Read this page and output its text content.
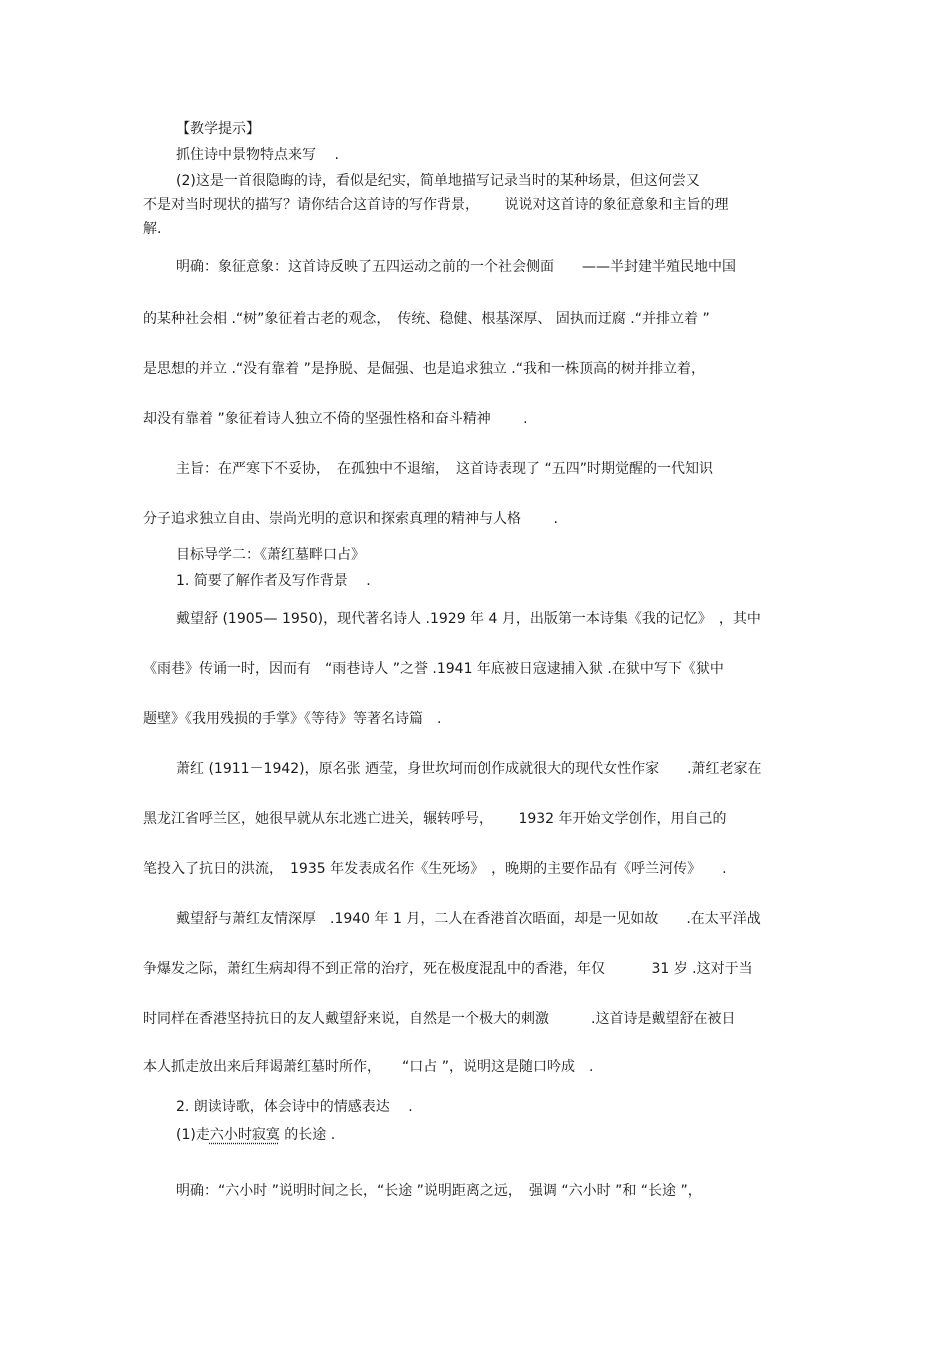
【教学提示】
抓住诗中景物特点来写　 .
(2)这是一首很隐晦的诗，看似是纪实，简单地描写记录当时的某种场景，但这何尝又
不是对当时现状的描写？请你结合这首诗的写作背景，　　 说说对这首诗的象征意象和主旨的理
解.
明确：象征意象：这首诗反映了五四运动之前的一个社会侧面　　——半封建半殖民地中国
的某种社会相 .“树”象征着古老的观念，　传统、稳健、根基深厚、 固执而迂腐 .“并排立着 ”
是思想的并立 .“没有靠着 ”是挣脱、是倔强、也是追求独立 .“我和一株顶高的树并排立着，
却没有靠着 ”象征着诗人独立不倚的坚强性格和奋斗精神　　 .
主旨：在严寒下不妥协，　在孤独中不退缩，　这首诗表现了 “五四”时期觉醒的一代知识
分子追求独立自由、崇尚光明的意识和探索真理的精神与人格　　 .
目标导学二：《萧红墓畔口占》
1. 简要了解作者及写作背景　 .
戴望舒 (1905— 1950)，现代著名诗人 .1929 年 4 月，出版第一本诗集《我的记忆》　，其中
《雨巷》传诵一时，因而有　“雨巷诗人 ”之誉 .1941 年底被日寇逮捕入狱 .在狱中写下《狱中
题壁》《我用残损的手掌》《等待》等著名诗篇　.
萧红 (1911－1942)，原名张 迺莹，身世坎坷而创作成就很大的现代女性作家　　.萧红老家在
黑龙江省呼兰区，她很早就从东北逃亡进关，辗转呼号，　　 1932 年开始文学创作，用自己的
笔投入了抗日的洪流，　1935 年发表成名作《生死场》　，晚期的主要作品有《呼兰河传》　　.
戴望舒与萧红友情深厚　.1940 年 1 月，二人在香港首次晤面，却是一见如故　　.在太平洋战
争爆发之际，萧红生病却得不到正常的治疗，死在极度混乱中的香港，年仅　　　 31 岁 .这对于当
时同样在香港坚持抗日的友人戴望舒来说，自然是一个极大的刺激　　　.这首诗是戴望舒在被日
本人抓走放出来后拜谒萧红墓时所作，　　“口占 ”，说明这是随口吟成　.
2. 朗读诗歌，体会诗中的情感表达　 .
(1)走六小时寂寞 的长途 .
明确：“六小时 ”说明时间之长，“长途 ”说明距离之远，　强调 “六小时 ”和 “长途 ”，
